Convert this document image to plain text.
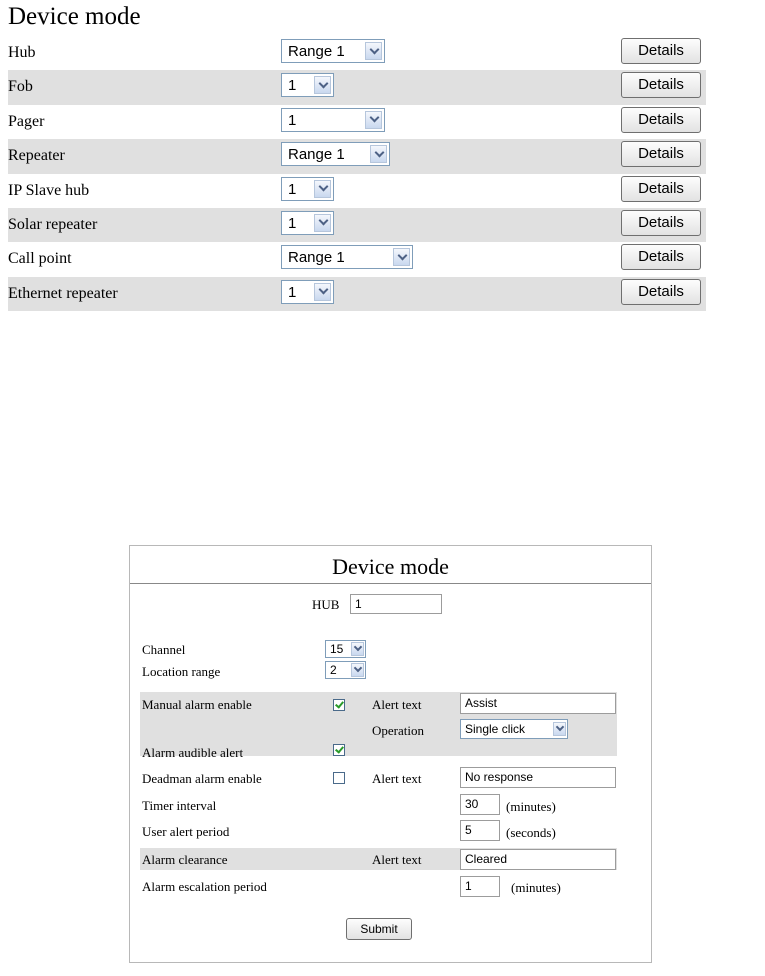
Device mode
Hub	Range 1	Details
Fob	1	Details
Pager	1	Details
Repeater	Range 1	Details
IP Slave hub	1	Details
Solar repeater	1	Details
Call point	Range 1	Details
Ethernet repeater	1	Details
Device mode
HUB	1
Channel	15
Location range	2
Manual alarm enable	Alert text	Assist
Operation	Single click
Alarm audible alert
Deadman alarm enable	Alert text	No response
Timer interval	30	(minutes)
User alert period	5	(seconds)
Alarm clearance	Alert text	Cleared
Alarm escalation period	1	(minutes)
Submit
